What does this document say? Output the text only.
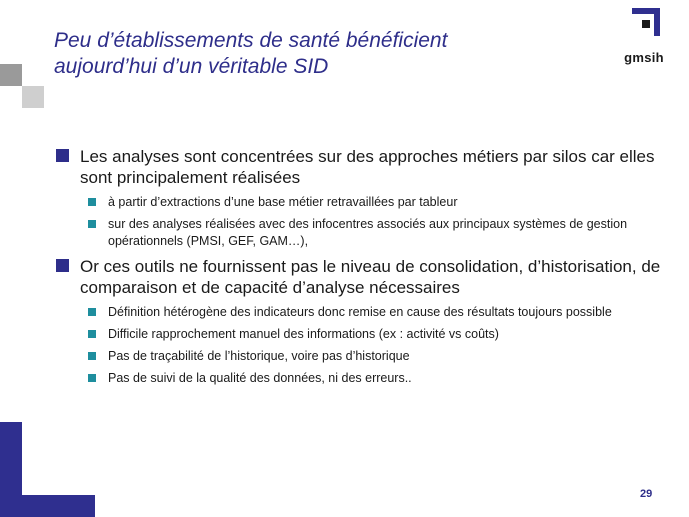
Peu d’établissements de santé bénéficient
aujourd’hui d’un véritable SID	gmsih
Les analyses sont concentrées sur des approches métiers par silos car elles sont principalement réalisées
à partir d’extractions d’une base métier retravaillées par tableur
sur des analyses réalisées avec des infocentres associés aux principaux systèmes de gestion opérationnels (PMSI, GEF, GAM…),
Or ces outils ne fournissent pas le niveau de consolidation, d’historisation, de comparaison et de capacité d’analyse nécessaires
Définition hétérogène des indicateurs donc remise en cause des résultats toujours possible
Difficile rapprochement manuel des informations (ex : activité vs coûts)
Pas de traçabilité de l’historique, voire pas d’historique
Pas de suivi de la qualité des données, ni des erreurs..
29
